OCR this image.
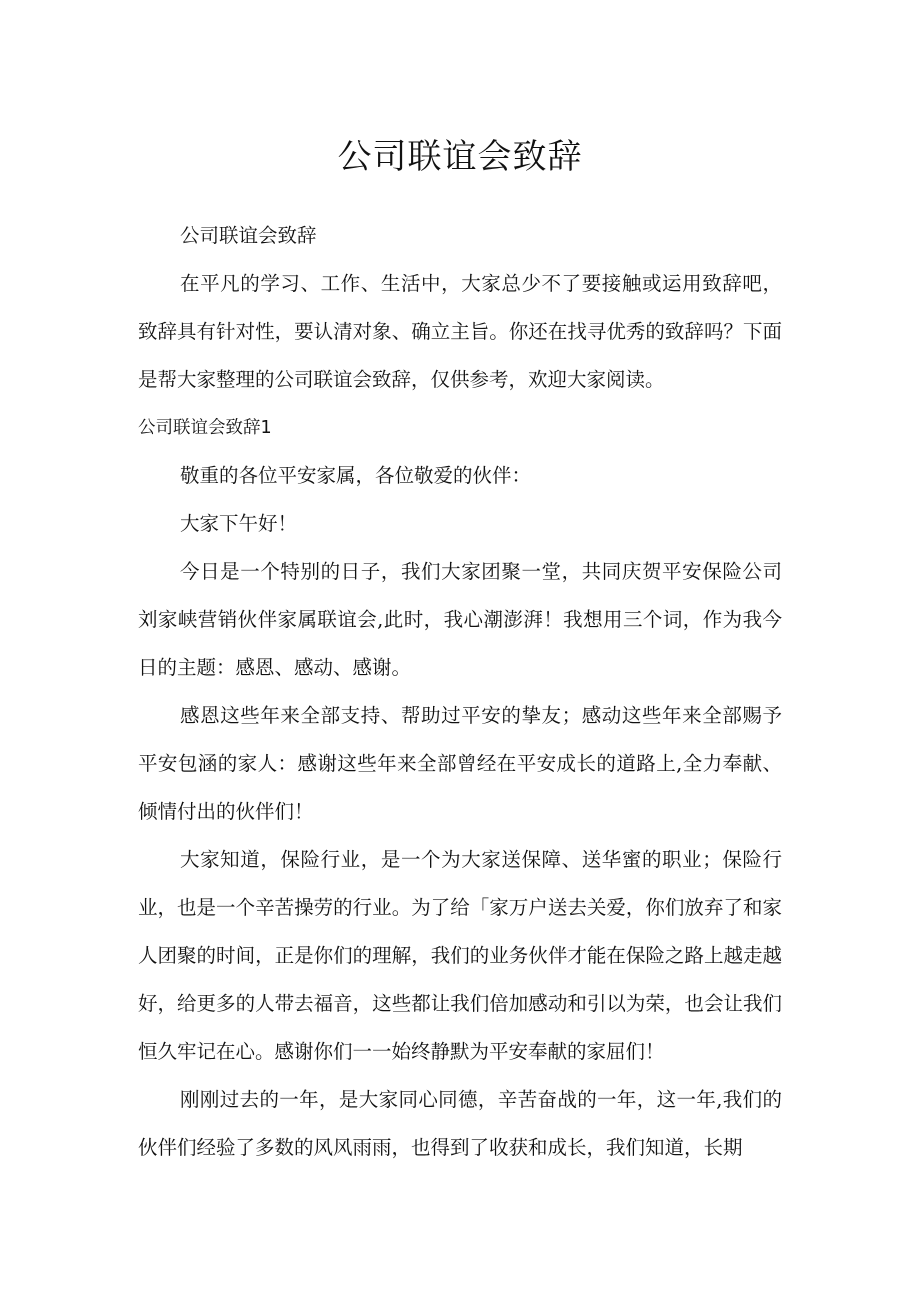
公司联谊会致辞

公司联谊会致辞

在平凡的学习、工作、生活中，大家总少不了要接触或运用致辞吧，致辞具有针对性，要认清对象、确立主旨。你还在找寻优秀的致辞吗？下面是帮大家整理的公司联谊会致辞，仅供参考，欢迎大家阅读。

公司联谊会致辞1

敬重的各位平安家属，各位敬爱的伙伴：

大家下午好！

今日是一个特别的日子，我们大家团聚一堂，共同庆贺平安保险公司刘家峡营销伙伴家属联谊会,此时，我心潮澎湃！我想用三个词，作为我今日的主题：感恩、感动、感谢。

感恩这些年来全部支持、帮助过平安的挚友；感动这些年来全部赐予平安包涵的家人：感谢这些年来全部曾经在平安成长的道路上,全力奉献、倾情付出的伙伴们！

大家知道，保险行业，是一个为大家送保障、送华蜜的职业；保险行业，也是一个辛苦操劳的行业。为了给「家万户送去关爱，你们放弃了和家人团聚的时间，正是你们的理解，我们的业务伙伴才能在保险之路上越走越好，给更多的人带去福音，这些都让我们倍加感动和引以为荣，也会让我们恒久牢记在心。感谢你们一一始终静默为平安奉献的家屈们！

刚刚过去的一年，是大家同心同德，辛苦奋战的一年，这一年,我们的伙伴们经验了多数的风风雨雨，也得到了收获和成长，我们知道，长期
